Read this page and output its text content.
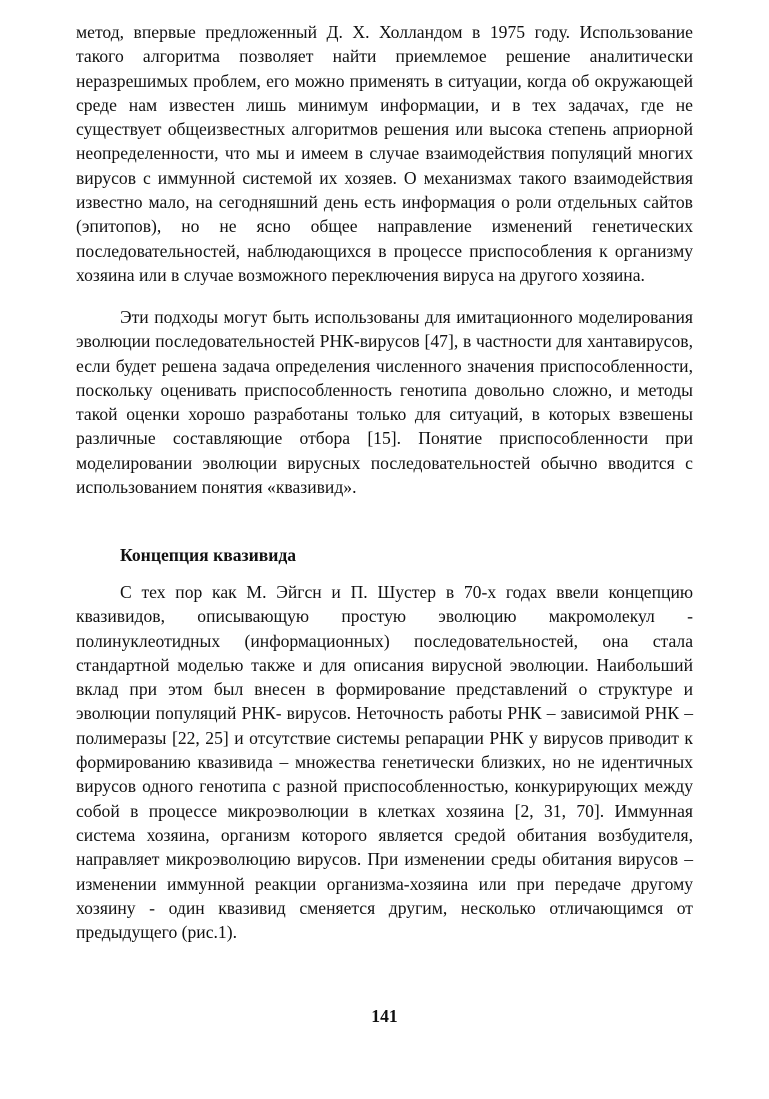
метод, впервые предложенный Д. Х. Холландом в 1975 году. Использование такого алгоритма позволяет найти приемлемое решение аналитически неразрешимых проблем, его можно применять в ситуации, когда об окружающей среде нам известен лишь минимум информации, и в тех задачах, где не существует общеизвестных алгоритмов решения или высока степень априорной неопределенности, что мы и имеем в случае взаимодействия популяций многих вирусов с иммунной системой их хозяев. О механизмах такого взаимодействия известно мало, на сегодняшний день есть информация о роли отдельных сайтов (эпитопов), но не ясно общее направление изменений генетических последовательностей, наблюдающихся в процессе приспособления к организму хозяина или в случае возможного переключения вируса на другого хозяина.

Эти подходы могут быть использованы для имитационного моделирования эволюции последовательностей РНК-вирусов [47], в частности для хантавирусов, если будет решена задача определения численного значения приспособленности, поскольку оценивать приспособленность генотипа довольно сложно, и методы такой оценки хорошо разработаны только для ситуаций, в которых взвешены различные составляющие отбора [15]. Понятие приспособленности при моделировании эволюции вирусных последовательностей обычно вводится с использованием понятия «квазивид».

Концепция квазивида

С тех пор как М. Эйгсн и П. Шустер в 70-х годах ввели концепцию квазивидов, описывающую простую эволюцию макромолекул - полинуклеотидных (информационных) последовательностей, она стала стандартной моделью также и для описания вирусной эволюции. Наибольший вклад при этом был внесен в формирование представлений о структуре и эволюции популяций РНК- вирусов. Неточность работы РНК – зависимой РНК – полимеразы [22, 25] и отсутствие системы репарации РНК у вирусов приводит к формированию квазивида – множества генетически близких, но не идентичных вирусов одного генотипа с разной приспособленностью, конкурирующих между собой в процессе микроэволюции в клетках хозяина [2, 31, 70]. Иммунная система хозяина, организм которого является средой обитания возбудителя, направляет микроэволюцию вирусов. При изменении среды обитания вирусов – изменении иммунной реакции организма-хозяина или при передаче другому хозяину - один квазивид сменяется другим, несколько отличающимся от предыдущего (рис.1).

141
